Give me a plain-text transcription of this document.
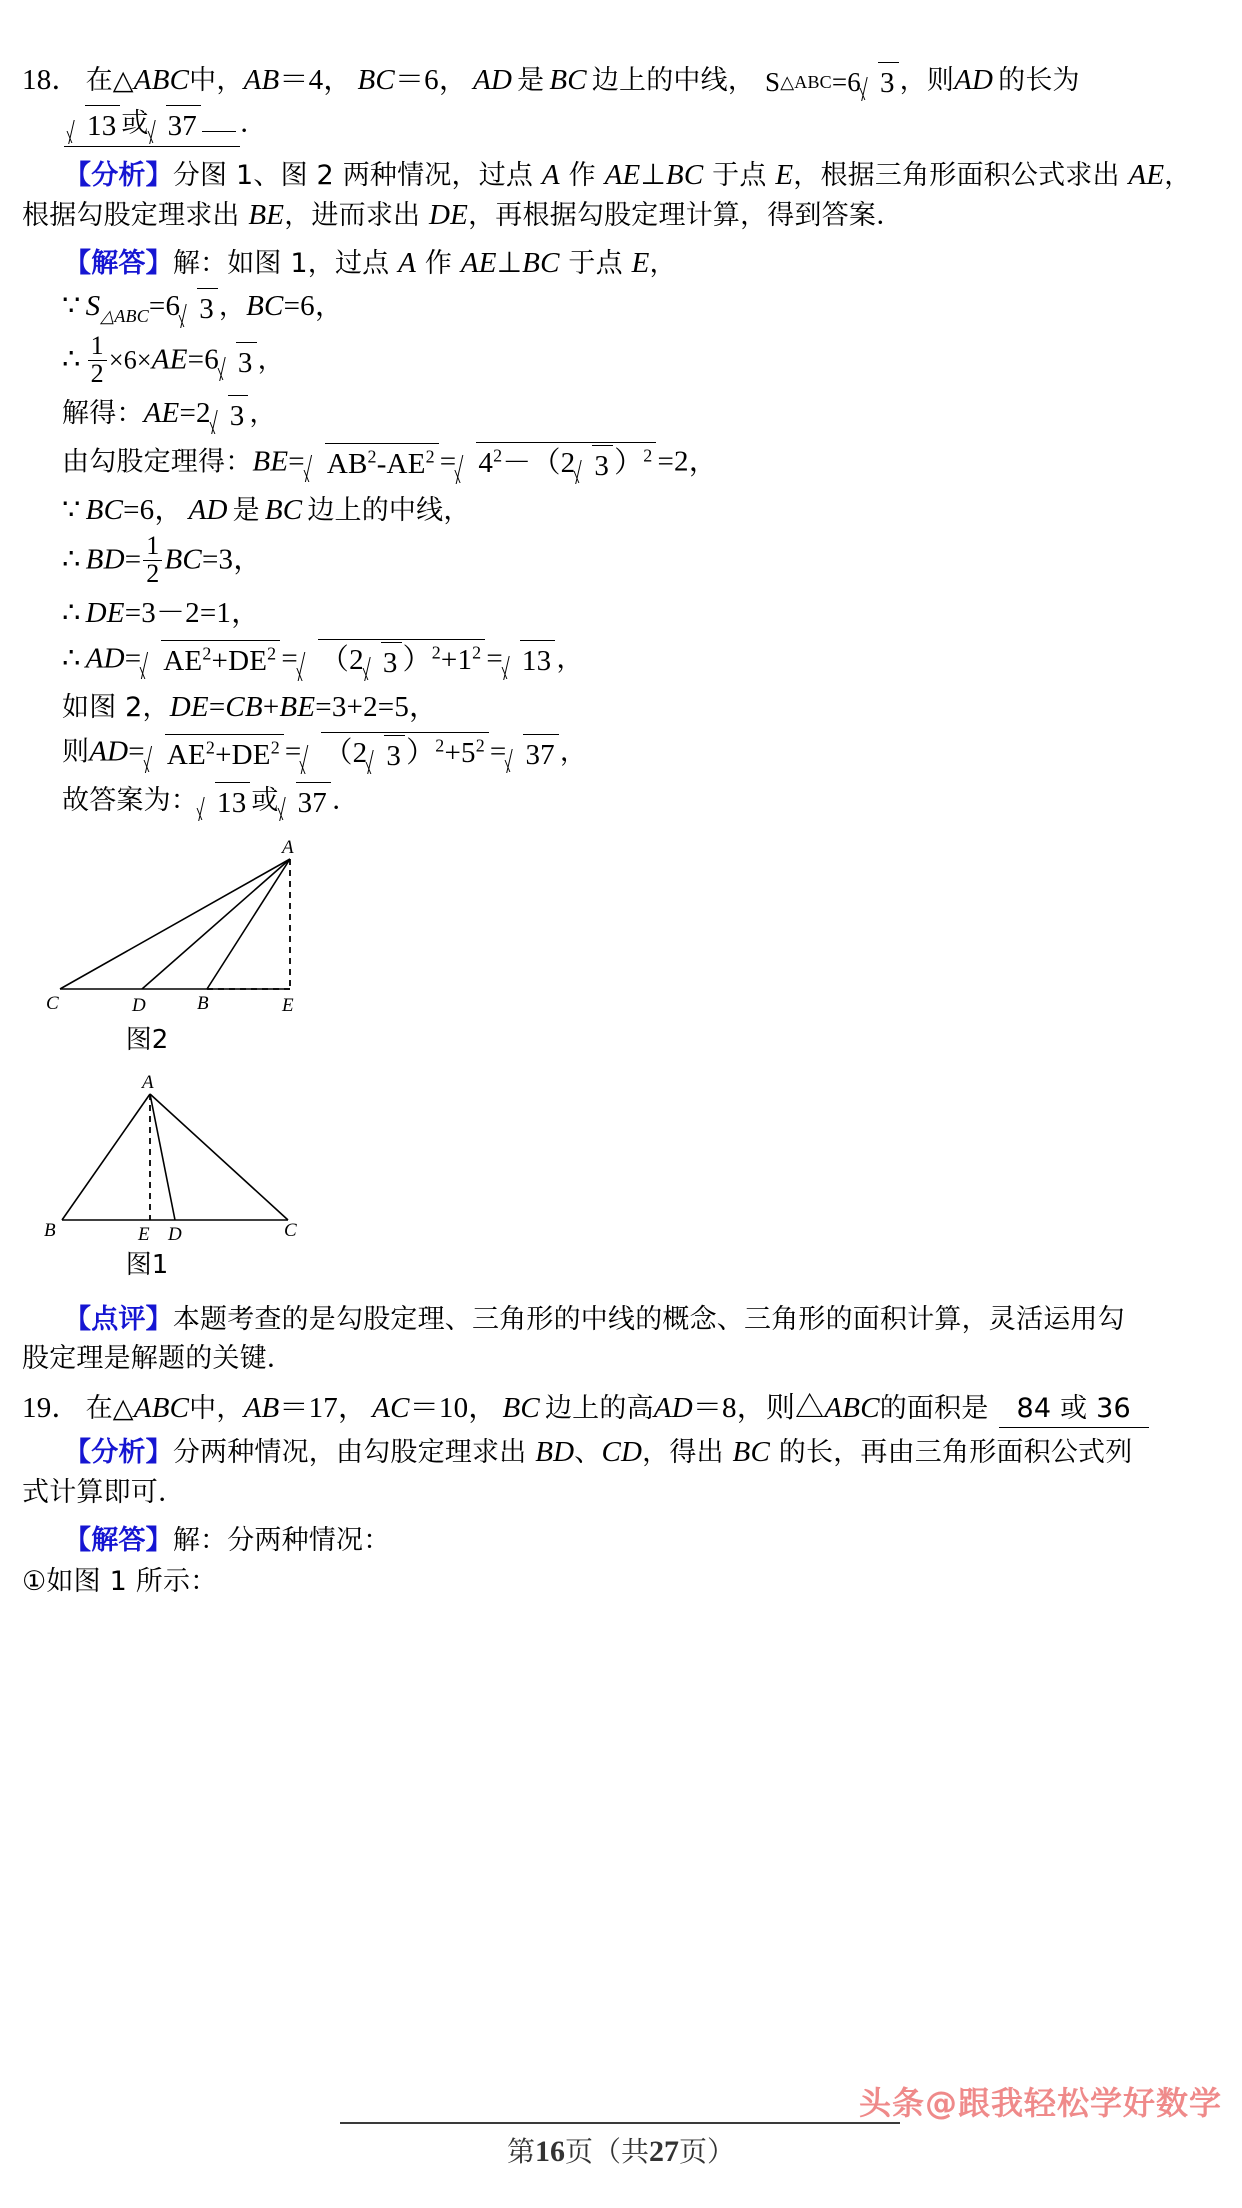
18． 在△ABC中，AB＝4， BC＝6， AD 是 BC 边上的中线， S △ABC =6 3 ，则AD 的长为
13 或 37 ．
【分析】分图 1、图 2 两种情况，过点 A 作 AE⊥BC 于点 E，根据三角形面积公式求出 AE，
根据勾股定理求出 BE，进而求出 DE，再根据勾股定理计算，得到答案．
【解答】解：如图 1，过点 A 作 AE⊥BC 于点 E，
∵ $S_{\triangle ABC}=6$ 3 ，BC=6，
∴ $\frac{1}{2} \times 6\times AE=6$ 3 ，
解得：AE=2 3 ，
由勾股定理得：$BE= AB^2-AE^2 = 4^2-(2$ 3 ）$^2$ =2，
∵ BC=6， AD 是 BC 边上的中线，
∴ $BD= \frac{1}{2} BC=3$，
∴ DE=3－2=1，
∴ $AD= AE^2+DE^2 = (2$ 3 ）$^2+1^2 = 13$ ，
如图 2，DE=CB+BE=3+2=5，
则$AD= AE^2+DE^2 = (2$ 3 ）$^2+5^2 = 37$ ，
故答案为： 13 或 37 ．
A
C	D	B	E
图2
A
B	E D	C
图1
【点评】本题考查的是勾股定理、三角形的中线的概念、三角形的面积计算，灵活运用勾
股定理是解题的关键．
19． 在△ABC中，AB＝17， AC＝10， BC 边上的高AD＝8，则△ABC的面积是 84 或 36
【分析】分两种情况，由勾股定理求出 BD、CD，得出 BC 的长，再由三角形面积公式列
式计算即可．
【解答】解：分两种情况：
①如图 1 所示：
头条@跟我轻松学好数学
第16页（共27页）
